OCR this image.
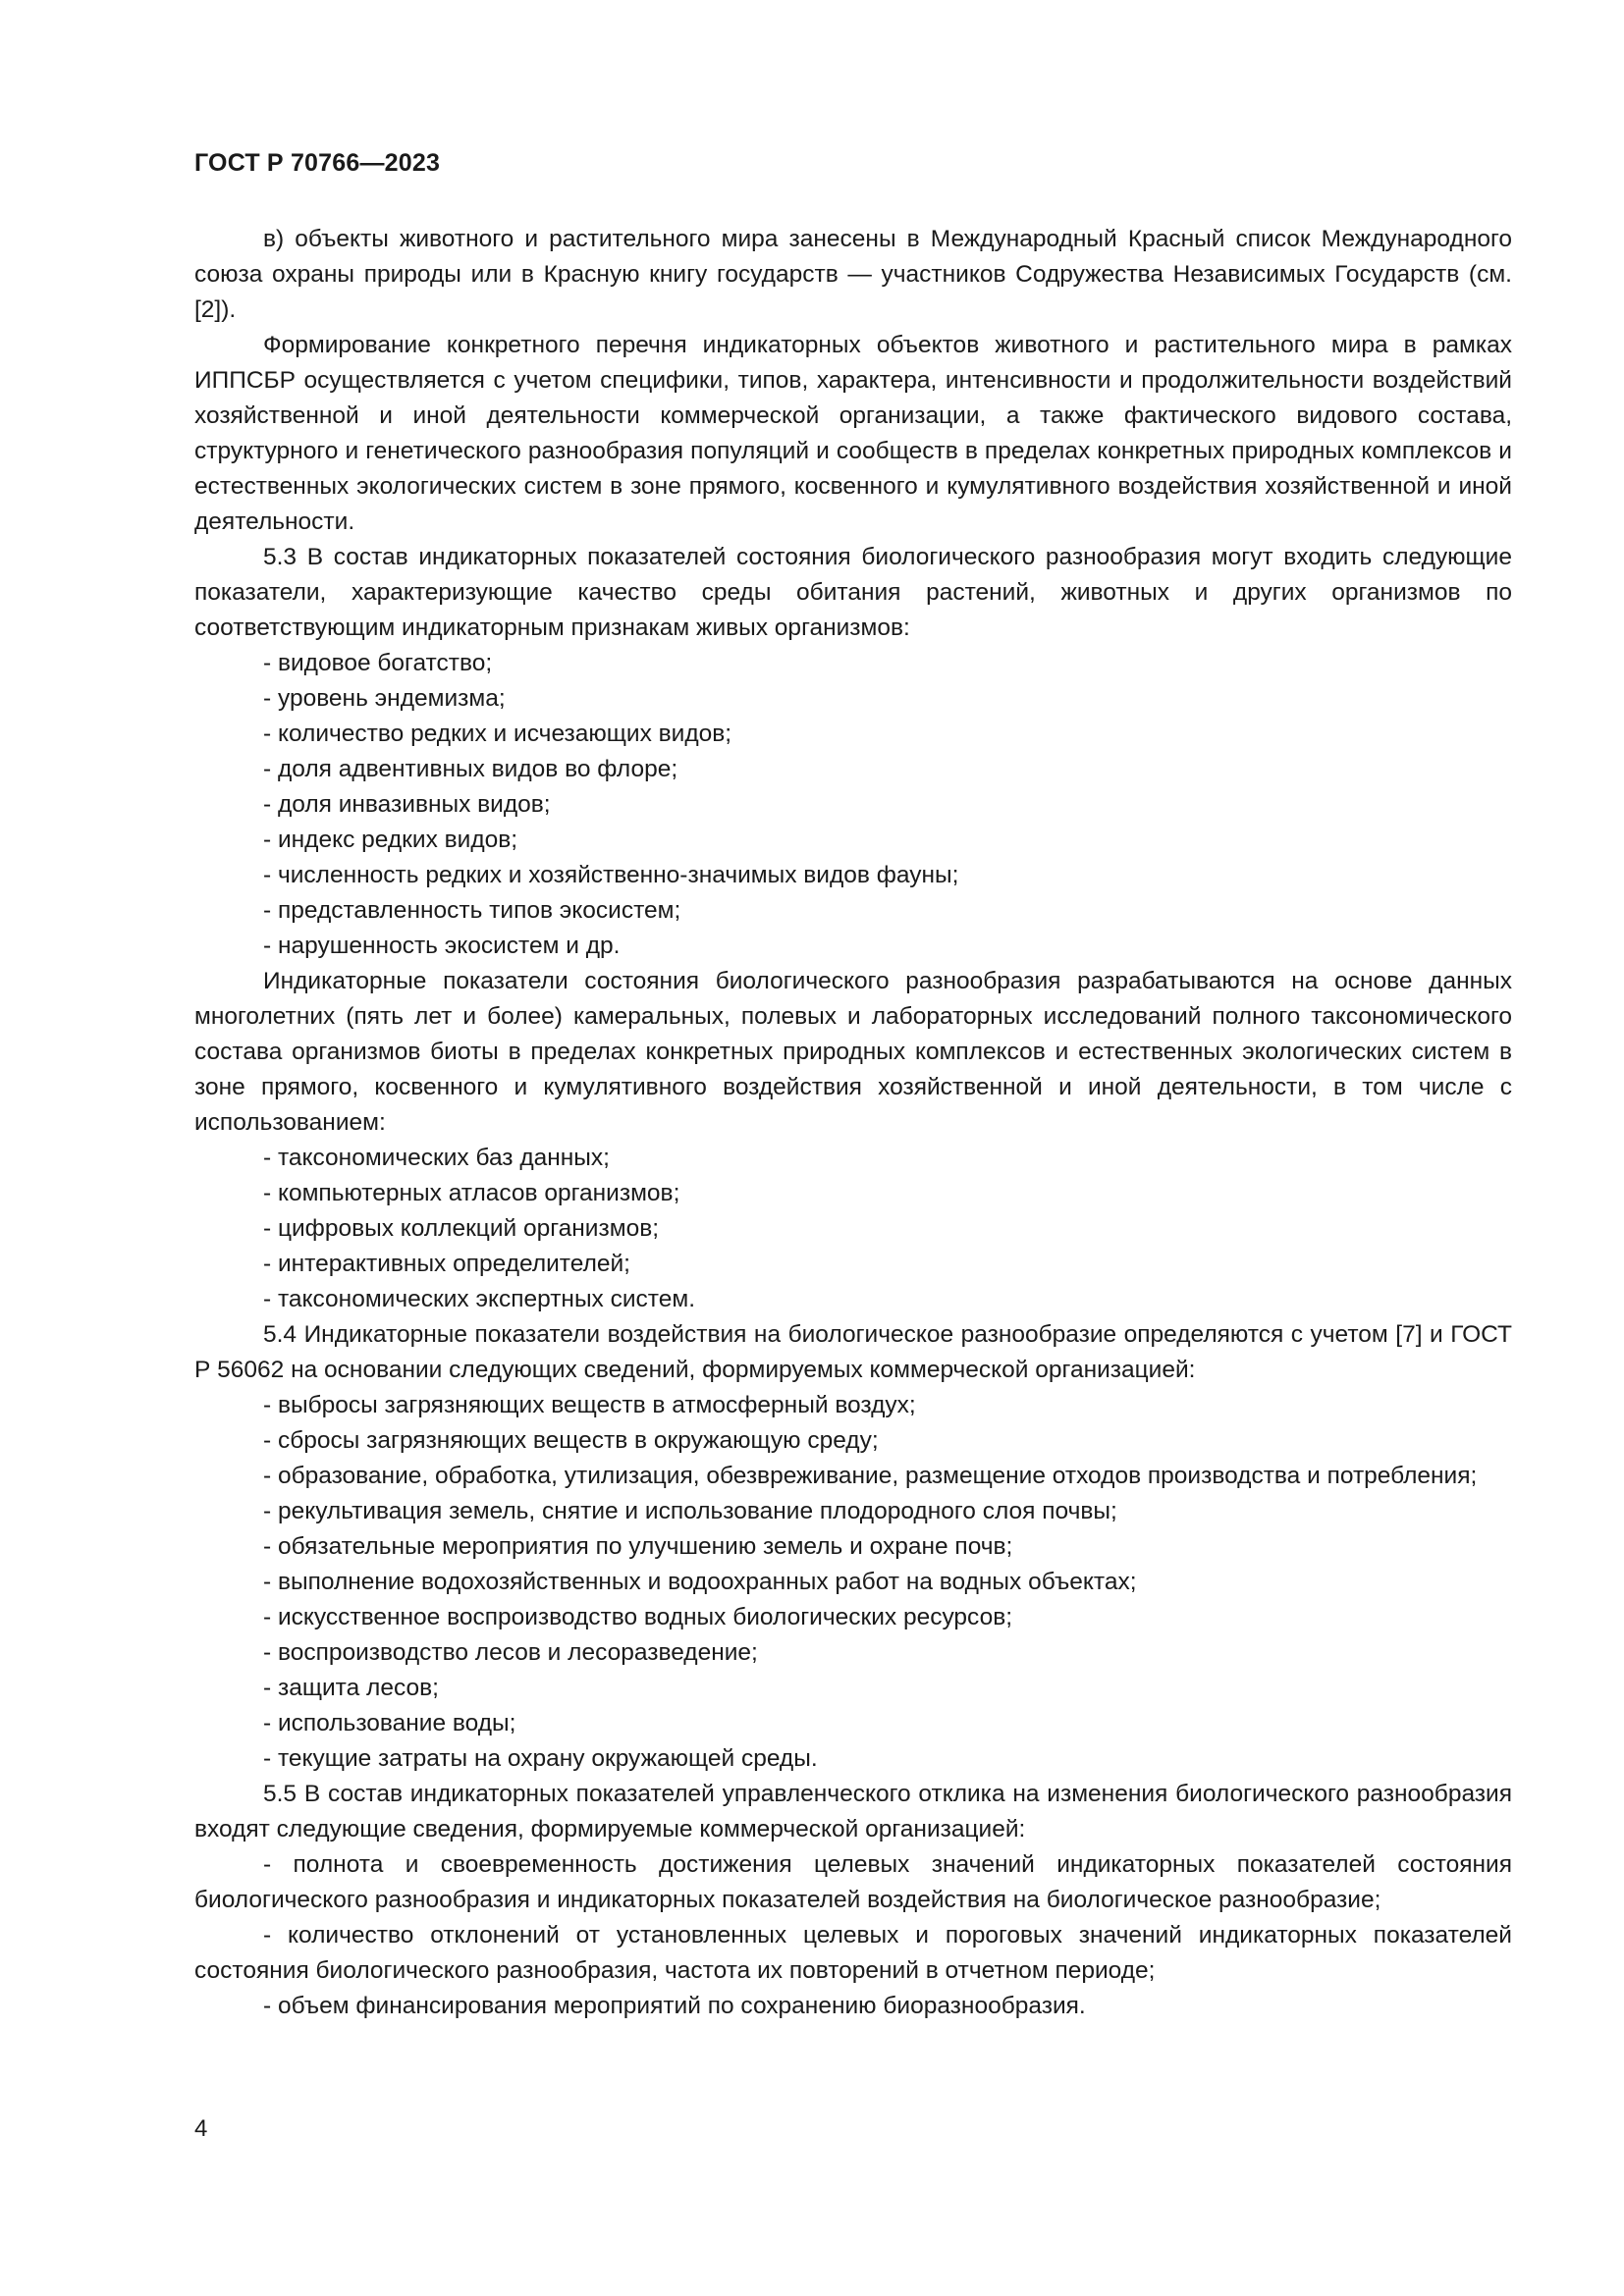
ГОСТ Р 70766—2023

в) объекты животного и растительного мира занесены в Международный Красный список Международного союза охраны природы или в Красную книгу государств — участников Содружества Независимых Государств (см. [2]).

Формирование конкретного перечня индикаторных объектов животного и растительного мира в рамках ИППСБР осуществляется с учетом специфики, типов, характера, интенсивности и продолжительности воздействий хозяйственной и иной деятельности коммерческой организации, а также фактического видового состава, структурного и генетического разнообразия популяций и сообществ в пределах конкретных природных комплексов и естественных экологических систем в зоне прямого, косвенного и кумулятивного воздействия хозяйственной и иной деятельности.

5.3 В состав индикаторных показателей состояния биологического разнообразия могут входить следующие показатели, характеризующие качество среды обитания растений, животных и других организмов по соответствующим индикаторным признакам живых организмов:

- видовое богатство;

- уровень эндемизма;

- количество редких и исчезающих видов;

- доля адвентивных видов во флоре;

- доля инвазивных видов;

- индекс редких видов;

- численность редких и хозяйственно-значимых видов фауны;

- представленность типов экосистем;

- нарушенность экосистем и др.

Индикаторные показатели состояния биологического разнообразия разрабатываются на основе данных многолетних (пять лет и более) камеральных, полевых и лабораторных исследований полного таксономического состава организмов биоты в пределах конкретных природных комплексов и естественных экологических систем в зоне прямого, косвенного и кумулятивного воздействия хозяйственной и иной деятельности, в том числе с использованием:

- таксономических баз данных;

- компьютерных атласов организмов;

- цифровых коллекций организмов;

- интерактивных определителей;

- таксономических экспертных систем.

5.4 Индикаторные показатели воздействия на биологическое разнообразие определяются с учетом [7] и ГОСТ Р 56062 на основании следующих сведений, формируемых коммерческой организацией:

- выбросы загрязняющих веществ в атмосферный воздух;

- сбросы загрязняющих веществ в окружающую среду;

- образование, обработка, утилизация, обезвреживание, размещение отходов производства и потребления;

- рекультивация земель, снятие и использование плодородного слоя почвы;

- обязательные мероприятия по улучшению земель и охране почв;

- выполнение водохозяйственных и водоохранных работ на водных объектах;

- искусственное воспроизводство водных биологических ресурсов;

- воспроизводство лесов и лесоразведение;

- защита лесов;

- использование воды;

- текущие затраты на охрану окружающей среды.

5.5 В состав индикаторных показателей управленческого отклика на изменения биологического разнообразия входят следующие сведения, формируемые коммерческой организацией:

- полнота и своевременность достижения целевых значений индикаторных показателей состояния биологического разнообразия и индикаторных показателей воздействия на биологическое разнообразие;

- количество отклонений от установленных целевых и пороговых значений индикаторных показателей состояния биологического разнообразия, частота их повторений в отчетном периоде;

- объем финансирования мероприятий по сохранению биоразнообразия.

4
